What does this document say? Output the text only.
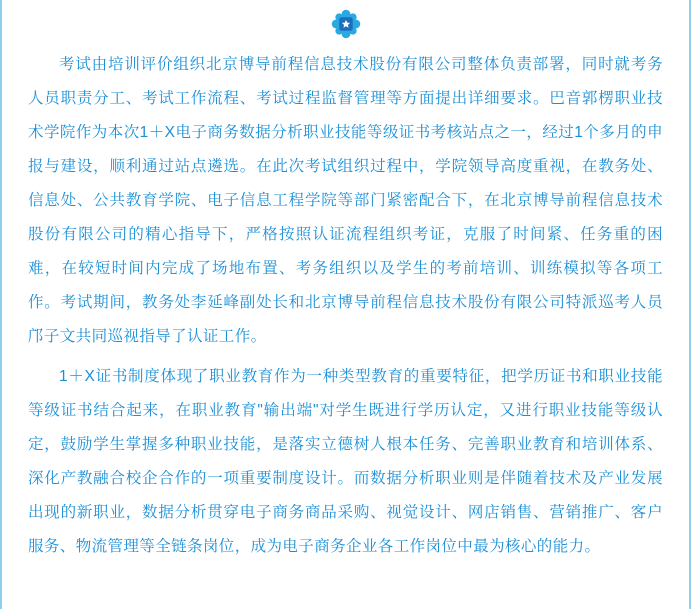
考试由培训评价组织北京博导前程信息技术股份有限公司整体负责部署，同时就考务人员职责分工、考试工作流程、考试过程监督管理等方面提出详细要求。巴音郭楞职业技术学院作为本次1＋X电子商务数据分析职业技能等级证书考核站点之一，经过1个多月的申报与建设，顺利通过站点遴选。在此次考试组织过程中，学院领导高度重视，在教务处、信息处、公共教育学院、电子信息工程学院等部门紧密配合下，在北京博导前程信息技术股份有限公司的精心指导下，严格按照认证流程组织考证，克服了时间紧、任务重的困难，在较短时间内完成了场地布置、考务组织以及学生的考前培训、训练模拟等各项工作。考试期间，教务处李延峰副处长和北京博导前程信息技术股份有限公司特派巡考人员邝子文共同巡视指导了认证工作。

1＋X证书制度体现了职业教育作为一种类型教育的重要特征，把学历证书和职业技能等级证书结合起来，在职业教育"输出端"对学生既进行学历认定，又进行职业技能等级认定，鼓励学生掌握多种职业技能，是落实立德树人根本任务、完善职业教育和培训体系、深化产教融合校企合作的一项重要制度设计。而数据分析职业则是伴随着技术及产业发展出现的新职业，数据分析贯穿电子商务商品采购、视觉设计、网店销售、营销推广、客户服务、物流管理等全链条岗位，成为电子商务企业各工作岗位中最为核心的能力。
